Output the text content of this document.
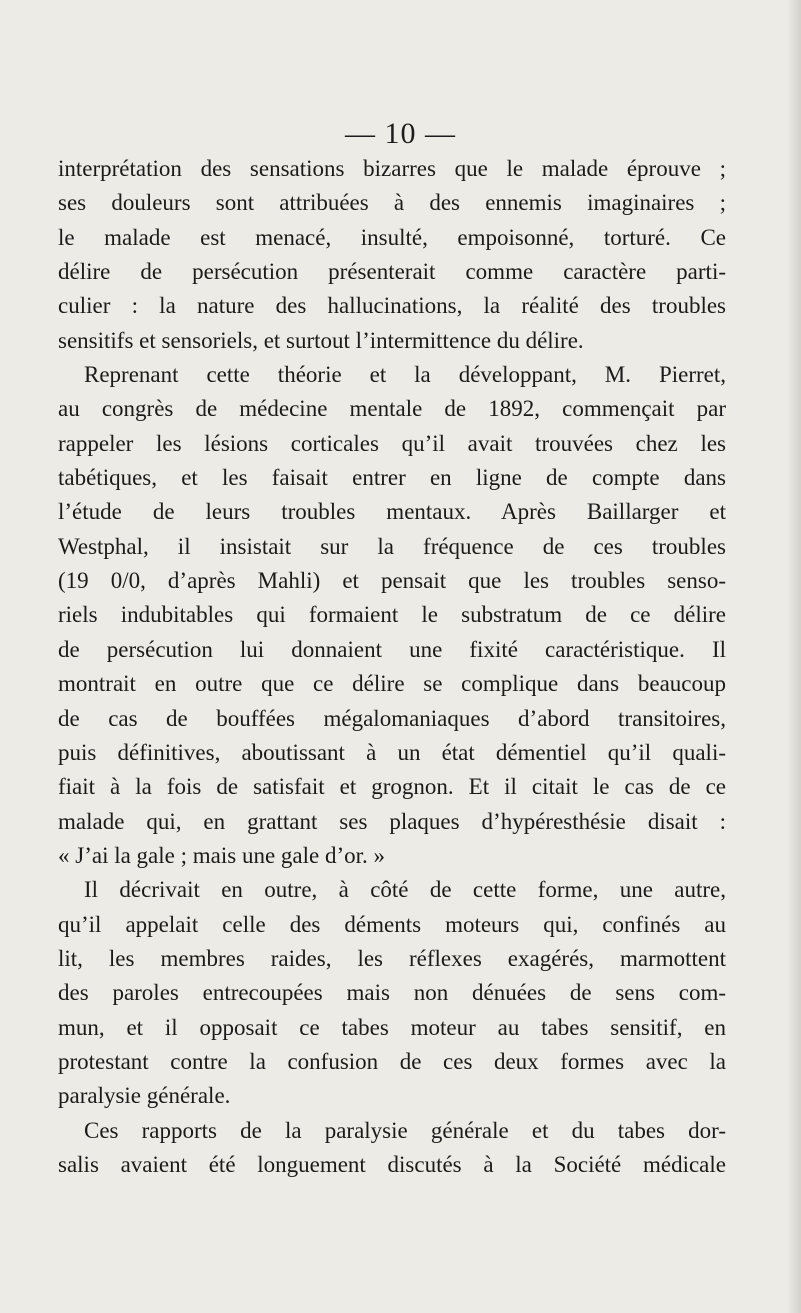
— 10 —
interprétation des sensations bizarres que le malade éprouve ;
ses douleurs sont attribuées à des ennemis imaginaires ;
le malade est menacé, insulté, empoisonné, torturé. Ce
délire de persécution présenterait comme caractère parti-
culier : la nature des hallucinations, la réalité des troubles
sensitifs et sensoriels, et surtout l’intermittence du délire.
Reprenant cette théorie et la développant, M. Pierret,
au congrès de médecine mentale de 1892, commençait par
rappeler les lésions corticales qu’il avait trouvées chez les
tabétiques, et les faisait entrer en ligne de compte dans
l’étude de leurs troubles mentaux. Après Baillarger et
Westphal, il insistait sur la fréquence de ces troubles
(19 0/0, d’après Mahli) et pensait que les troubles senso-
riels indubitables qui formaient le substratum de ce délire
de persécution lui donnaient une fixité caractéristique. Il
montrait en outre que ce délire se complique dans beaucoup
de cas de bouffées mégalomaniaques d’abord transitoires,
puis définitives, aboutissant à un état démentiel qu’il quali-
fiait à la fois de satisfait et grognon. Et il citait le cas de ce
malade qui, en grattant ses plaques d’hypéresthésie disait :
« J’ai la gale ; mais une gale d’or. »
Il décrivait en outre, à côté de cette forme, une autre,
qu’il appelait celle des déments moteurs qui, confinés au
lit, les membres raides, les réflexes exagérés, marmottent
des paroles entrecoupées mais non dénuées de sens com-
mun, et il opposait ce tabes moteur au tabes sensitif, en
protestant contre la confusion de ces deux formes avec la
paralysie générale.
Ces rapports de la paralysie générale et du tabes dor-
salis avaient été longuement discutés à la Société médicale
